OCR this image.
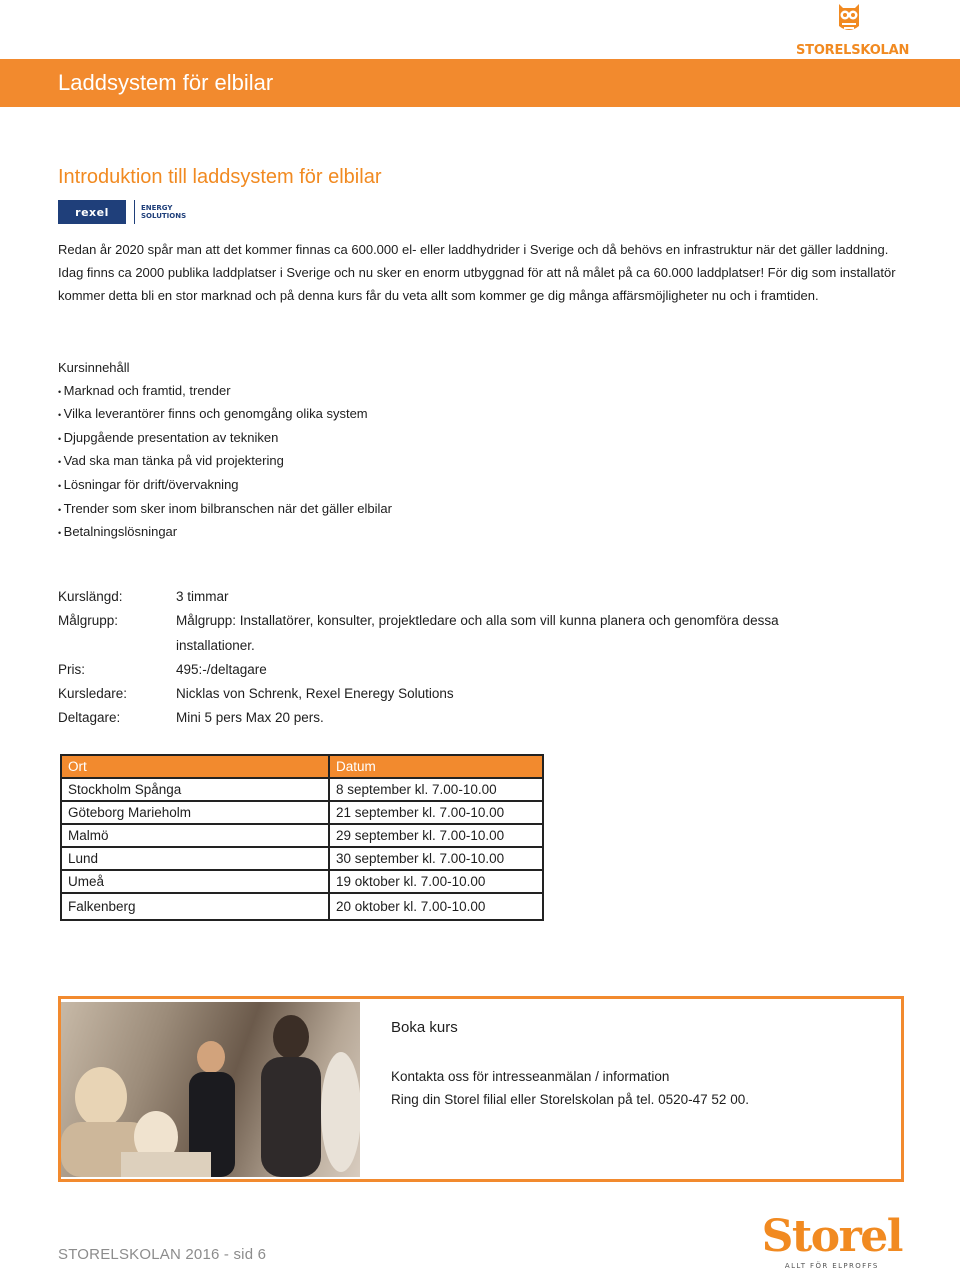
STORELSKOLAN
Laddsystem för elbilar
Introduktion till laddsystem för elbilar
rexel	ENERGY
SOLUTIONS
Redan år 2020 spår man att det kommer finnas ca 600.000 el- eller laddhydrider i Sverige och då behövs en infrastruktur när det gäller laddning. Idag finns ca 2000 publika laddplatser i Sverige och nu sker en enorm utbyggnad för att nå målet på ca 60.000 laddplatser! För dig som installatör kommer detta bli en stor marknad och på denna kurs får du veta allt som kommer ge dig många affärsmöjligheter nu och i framtiden.
Kursinnehåll
• Marknad och framtid, trender
• Vilka leverantörer finns och genomgång olika system
• Djupgående presentation av tekniken
• Vad ska man tänka på vid projektering
• Lösningar för drift/övervakning
• Trender som sker inom bilbranschen när det gäller elbilar
• Betalningslösningar
Kurslängd:	3 timmar
Målgrupp:	Målgrupp: Installatörer, konsulter, projektledare och alla som vill kunna planera och genomföra dessa installationer.
Pris:	495:-/deltagare
Kursledare:	Nicklas von Schrenk, Rexel Eneregy Solutions
Deltagare:	Mini 5 pers Max 20 pers.
Ort	Datum
Stockholm Spånga	8 september kl. 7.00-10.00
Göteborg Marieholm	21 september kl. 7.00-10.00
Malmö	29 september kl. 7.00-10.00
Lund	30 september kl. 7.00-10.00
Umeå	19 oktober kl. 7.00-10.00
Falkenberg	20 oktober kl. 7.00-10.00
Boka kurs
Kontakta oss för intresseanmälan / information
Ring din Storel filial eller Storelskolan på tel. 0520-47 52 00.
STORELSKOLAN 2016 - sid 6	Storel
ALLT FÖR ELPROFFS
